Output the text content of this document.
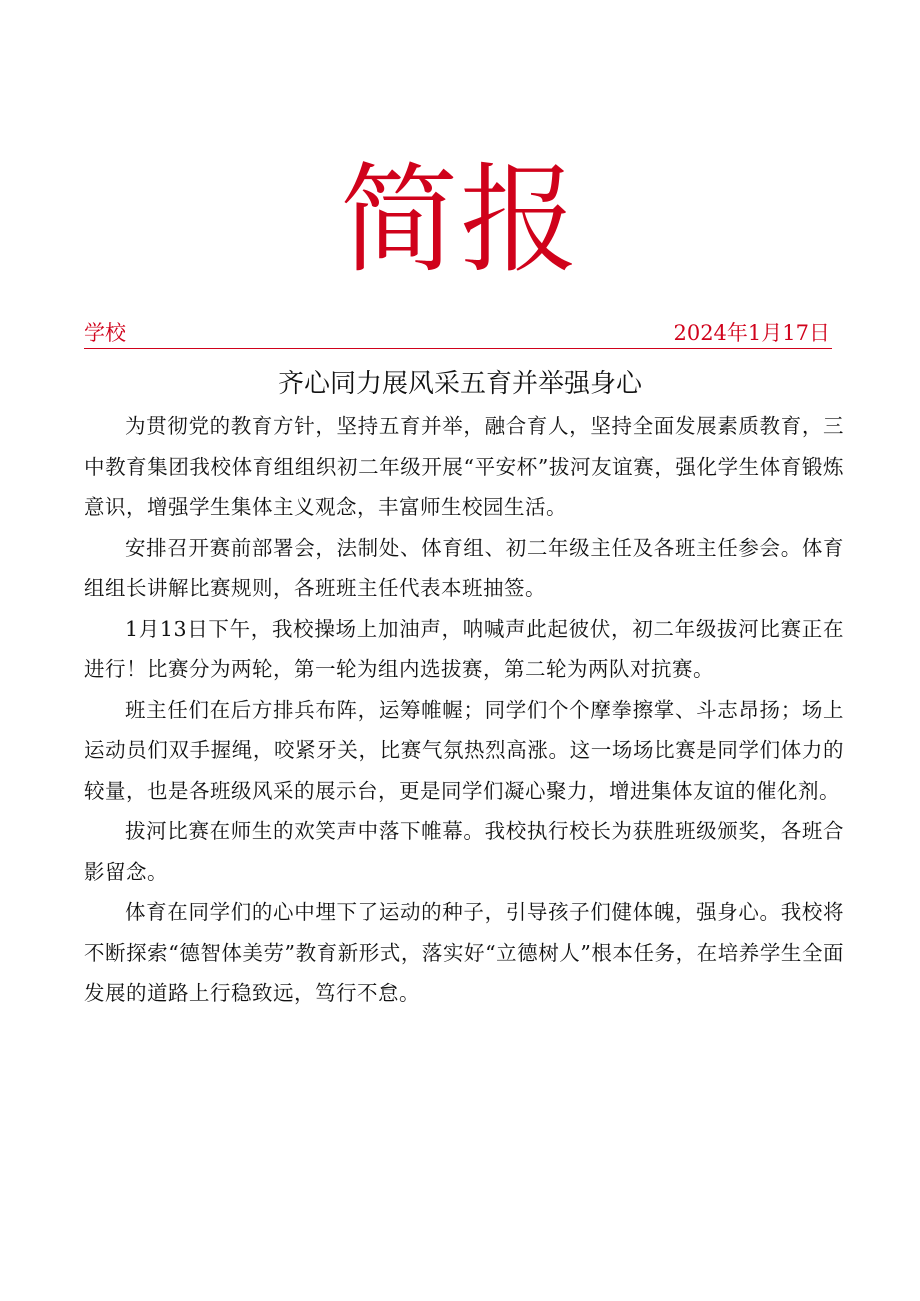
简报
学校	2024年1月17日
齐心同力展风采五育并举强身心

为贯彻党的教育方针，坚持五育并举，融合育人，坚持全面发展素质教育，三中教育集团我校体育组组织初二年级开展“平安杯”拔河友谊赛，强化学生体育锻炼意识，增强学生集体主义观念，丰富师生校园生活。

安排召开赛前部署会，法制处、体育组、初二年级主任及各班主任参会。体育组组长讲解比赛规则，各班班主任代表本班抽签。

1月13日下午，我校操场上加油声，呐喊声此起彼伏，初二年级拔河比赛正在进行！比赛分为两轮，第一轮为组内选拔赛，第二轮为两队对抗赛。

班主任们在后方排兵布阵，运筹帷幄；同学们个个摩拳擦掌、斗志昂扬；场上运动员们双手握绳，咬紧牙关，比赛气氛热烈高涨。这一场场比赛是同学们体力的较量，也是各班级风采的展示台，更是同学们凝心聚力，增进集体友谊的催化剂。

拔河比赛在师生的欢笑声中落下帷幕。我校执行校长为获胜班级颁奖，各班合影留念。

体育在同学们的心中埋下了运动的种子，引导孩子们健体魄，强身心。我校将不断探索“德智体美劳”教育新形式，落实好“立德树人”根本任务，在培养学生全面发展的道路上行稳致远，笃行不怠。
